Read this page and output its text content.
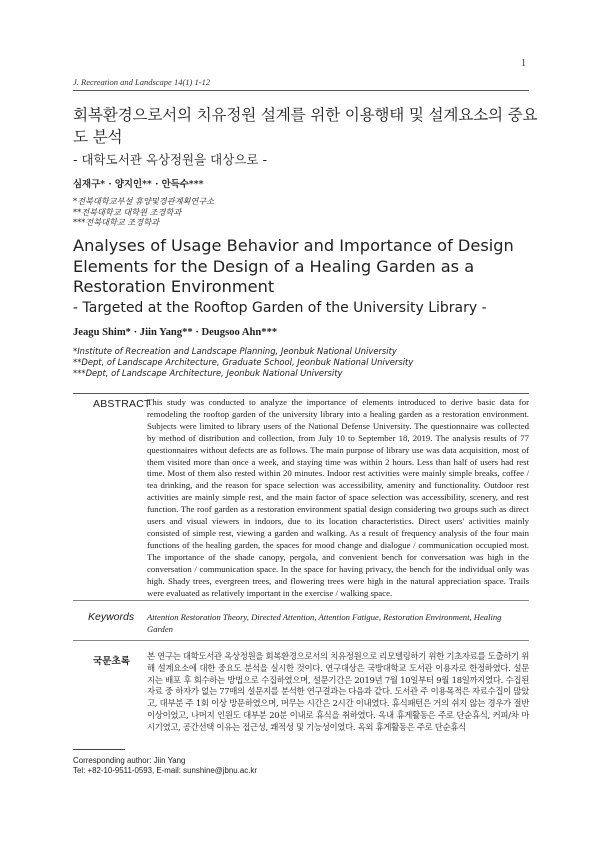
1
J. Recreation and Landscape 14(1) 1-12
회복환경으로서의 치유정원 설계를 위한 이용행태 및 설계요소의 중요도 분석
- 대학도서관 옥상정원을 대상으로 -
심재구* · 양지인** · 안득수***
*전북대학교부설 휴양및경관계획연구소
**전북대학교 대학원 조경학과
***전북대학교 조경학과
Analyses of Usage Behavior and Importance of Design Elements for the Design of a Healing Garden as a Restoration Environment
- Targeted at the Rooftop Garden of the University Library -
Jeagu Shim* · Jiin Yang** · Deugsoo Ahn***
*Institute of Recreation and Landscape Planning, Jeonbuk National University
**Dept, of Landscape Architecture, Graduate School, Jeonbuk National University
***Dept, of Landscape Architecture, Jeonbuk National University
ABSTRACT
This study was conducted to analyze the importance of elements introduced to derive basic data for remodeling the rooftop garden of the university library into a healing garden as a restoration environment. Subjects were limited to library users of the National Defense University. The questionnaire was collected by method of distribution and collection, from July 10 to September 18, 2019. The analysis results of 77 questionnaires without defects are as follows. The main purpose of library use was data acquisition, most of them visited more than once a week, and staying time was within 2 hours. Less than half of users had rest time. Most of them also rested within 20 minutes. Indoor rest activities were mainly simple breaks, coffee / tea drinking, and the reason for space selection was accessibility, amenity and functionality. Outdoor rest activities are mainly simple rest, and the main factor of space selection was accessibility, scenery, and rest function. The roof garden as a restoration environment spatial design considering two groups such as direct users and visual viewers in indoors, due to its location characteristics. Direct users' activities mainly consisted of simple rest, viewing a garden and walking. As a result of frequency analysis of the four main functions of the healing garden, the spaces for mood change and dialogue / communication occupied most. The importance of the shade canopy, pergola, and convenient bench for conversation was high in the conversation / communication space. In the space for having privacy, the bench for the individual only was high. Shady trees, evergreen trees, and flowering trees were high in the natural appreciation space. Trails were evaluated as relatively important in the exercise / walking space.
Keywords Attention Restoration Theory, Directed Attention, Attention Fatigue, Restoration Environment, Healing Garden
국문초록 본 연구는 대학도서관 옥상정원을 회복환경으로서의 치유정원으로 리모델링하기 위한 기초자료를 도출하기 위해 설계요소에 대한 중요도 분석을 실시한 것이다. 연구대상은 국방대학교 도서관 이용자로 한정하였다. 설문지는 배포 후 회수하는 방법으로 수집하였으며, 설문기간은 2019년 7월 10일부터 9월 18일까지였다. 수집된 자료 중 하자가 없는 77매의 설문지를 분석한 연구결과는 다음과 같다. 도서관 주 이용목적은 자료수집이 많았고, 대부분 주 1회 이상 방문하였으며, 머무는 시간은 2시간 이내였다. 휴식패턴은 거의 쉬지 않는 경우가 절반 이상이었고, 나머지 인원도 대부분 20분 이내로 휴식을 취하였다. 옥내 휴게활동은 주로 단순휴식, 커피/차 마시기였고, 공간선택 이유는 접근성, 쾌적성 및 기능성이었다. 옥외 휴게활동은 주로 단순휴식
Corresponding author: Jiin Yang
Tel: +82-10-9511-0593, E-mail: sunshine@jbnu.ac.kr
